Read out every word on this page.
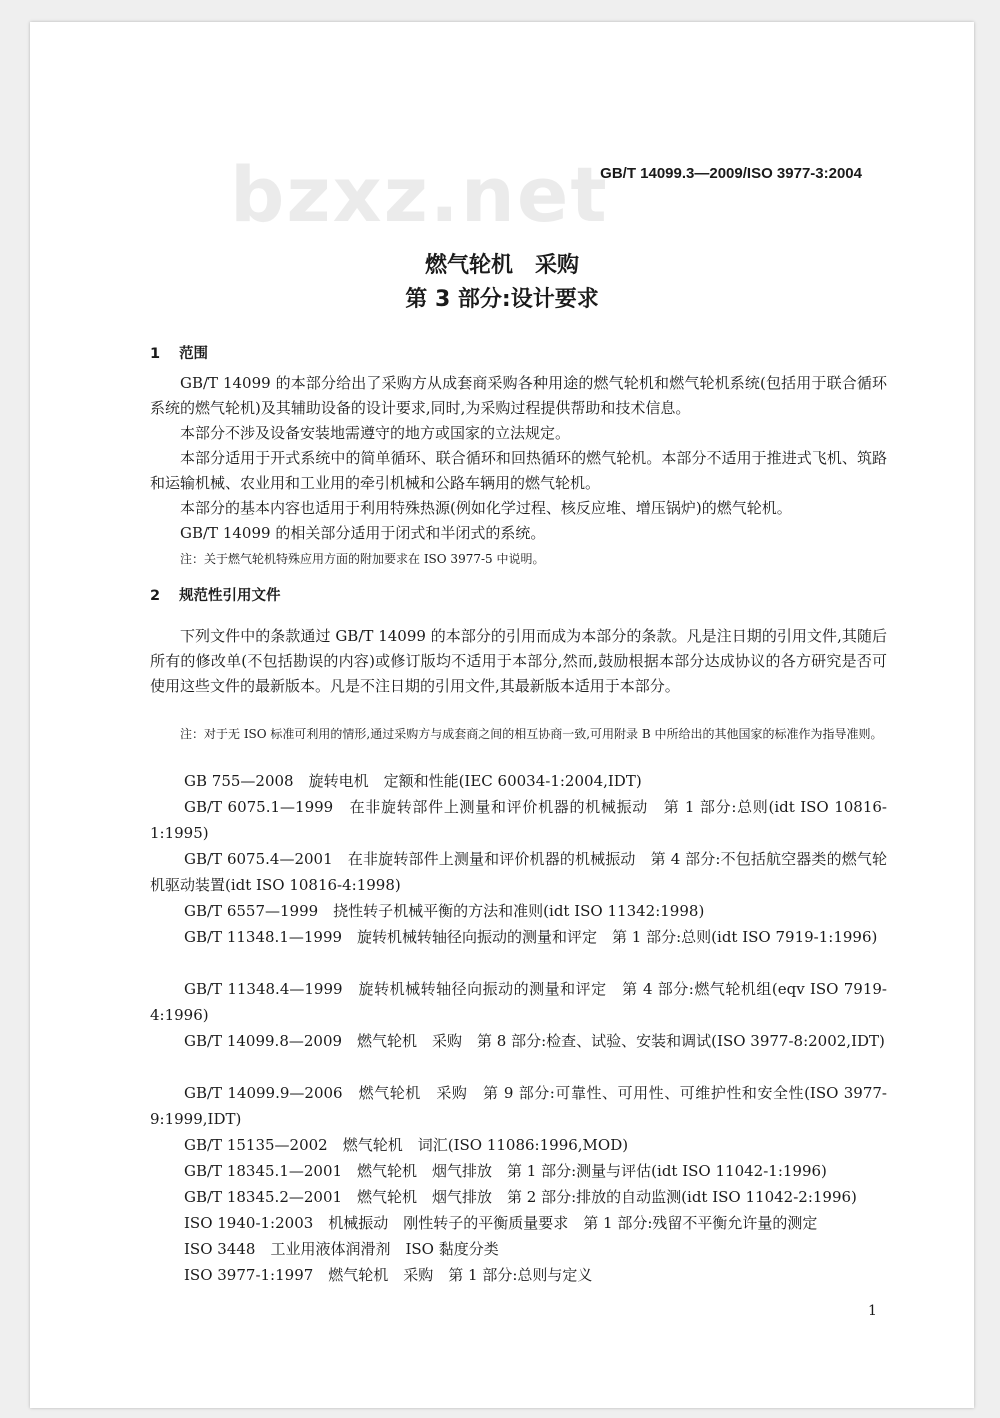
bzxz.net
GB/T 14099.3—2009/ISO 3977-3:2004
燃气轮机　采购
第 3 部分:设计要求
1 范围
GB/T 14099 的本部分给出了采购方从成套商采购各种用途的燃气轮机和燃气轮机系统(包括用于联合循环系统的燃气轮机)及其辅助设备的设计要求,同时,为采购过程提供帮助和技术信息。
本部分不涉及设备安装地需遵守的地方或国家的立法规定。
本部分适用于开式系统中的简单循环、联合循环和回热循环的燃气轮机。本部分不适用于推进式飞机、筑路和运输机械、农业用和工业用的牵引机械和公路车辆用的燃气轮机。
本部分的基本内容也适用于利用特殊热源(例如化学过程、核反应堆、增压锅炉)的燃气轮机。
GB/T 14099 的相关部分适用于闭式和半闭式的系统。
注：关于燃气轮机特殊应用方面的附加要求在 ISO 3977-5 中说明。
2 规范性引用文件
下列文件中的条款通过 GB/T 14099 的本部分的引用而成为本部分的条款。凡是注日期的引用文件,其随后所有的修改单(不包括勘误的内容)或修订版均不适用于本部分,然而,鼓励根据本部分达成协议的各方研究是否可使用这些文件的最新版本。凡是不注日期的引用文件,其最新版本适用于本部分。
注：对于无 ISO 标准可利用的情形,通过采购方与成套商之间的相互协商一致,可用附录 B 中所给出的其他国家的标准作为指导准则。
GB 755—2008　旋转电机　定额和性能(IEC 60034-1:2004,IDT)
GB/T 6075.1—1999　在非旋转部件上测量和评价机器的机械振动　第 1 部分:总则(idt ISO 10816-1:1995)
GB/T 6075.4—2001　在非旋转部件上测量和评价机器的机械振动　第 4 部分:不包括航空器类的燃气轮机驱动装置(idt ISO 10816-4:1998)
GB/T 6557—1999　挠性转子机械平衡的方法和准则(idt ISO 11342:1998)
GB/T 11348.1—1999　旋转机械转轴径向振动的测量和评定　第 1 部分:总则(idt ISO 7919-1:1996)
GB/T 11348.4—1999　旋转机械转轴径向振动的测量和评定　第 4 部分:燃气轮机组(eqv ISO 7919-4:1996)
GB/T 14099.8—2009　燃气轮机　采购　第 8 部分:检查、试验、安装和调试(ISO 3977-8:2002,IDT)
GB/T 14099.9—2006　燃气轮机　采购　第 9 部分:可靠性、可用性、可维护性和安全性(ISO 3977-9:1999,IDT)
GB/T 15135—2002　燃气轮机　词汇(ISO 11086:1996,MOD)
GB/T 18345.1—2001　燃气轮机　烟气排放　第 1 部分:测量与评估(idt ISO 11042-1:1996)
GB/T 18345.2—2001　燃气轮机　烟气排放　第 2 部分:排放的自动监测(idt ISO 11042-2:1996)
ISO 1940-1:2003　机械振动　刚性转子的平衡质量要求　第 1 部分:残留不平衡允许量的测定
ISO 3448　工业用液体润滑剂　ISO 黏度分类
ISO 3977-1:1997　燃气轮机　采购　第 1 部分:总则与定义
1
